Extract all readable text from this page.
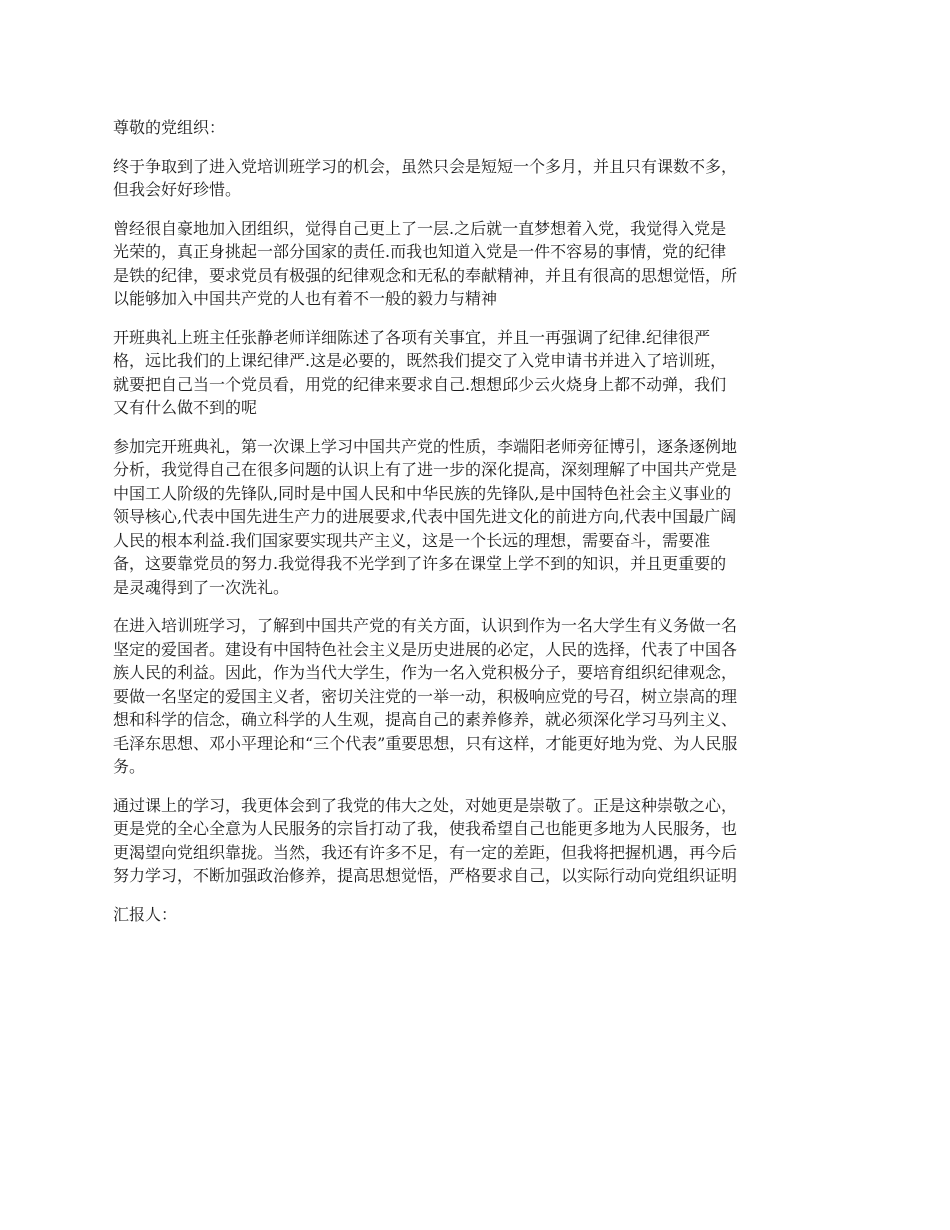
尊敬的党组织：

终于争取到了进入党培训班学习的机会，虽然只会是短短一个多月，并且只有课数不多，
但我会好好珍惜。

曾经很自豪地加入团组织，觉得自己更上了一层.之后就一直梦想着入党，我觉得入党是
光荣的，真正身挑起一部分国家的责任.而我也知道入党是一件不容易的事情，党的纪律
是铁的纪律，要求党员有极强的纪律观念和无私的奉献精神，并且有很高的思想觉悟，所
以能够加入中国共产党的人也有着不一般的毅力与精神

开班典礼上班主任张静老师详细陈述了各项有关事宜，并且一再强调了纪律.纪律很严
格，远比我们的上课纪律严.这是必要的，既然我们提交了入党申请书并进入了培训班，
就要把自己当一个党员看，用党的纪律来要求自己.想想邱少云火烧身上都不动弹，我们
又有什么做不到的呢

参加完开班典礼，第一次课上学习中国共产党的性质，李端阳老师旁征博引，逐条逐例地
分析，我觉得自己在很多问题的认识上有了进一步的深化提高，深刻理解了中国共产党是
中国工人阶级的先锋队,同时是中国人民和中华民族的先锋队,是中国特色社会主义事业的
领导核心,代表中国先进生产力的进展要求,代表中国先进文化的前进方向,代表中国最广阔
人民的根本利益.我们国家要实现共产主义，这是一个长远的理想，需要奋斗，需要准
备，这要靠党员的努力.我觉得我不光学到了许多在课堂上学不到的知识，并且更重要的
是灵魂得到了一次洗礼。

在进入培训班学习，了解到中国共产党的有关方面，认识到作为一名大学生有义务做一名
坚定的爱国者。建设有中国特色社会主义是历史进展的必定，人民的选择，代表了中国各
族人民的利益。因此，作为当代大学生，作为一名入党积极分子，要培育组织纪律观念，
要做一名坚定的爱国主义者，密切关注党的一举一动，积极响应党的号召，树立崇高的理
想和科学的信念，确立科学的人生观，提高自己的素养修养，就必须深化学习马列主义、
毛泽东思想、邓小平理论和“三个代表”重要思想，只有这样，才能更好地为党、为人民服
务。

通过课上的学习，我更体会到了我党的伟大之处，对她更是崇敬了。正是这种崇敬之心，
更是党的全心全意为人民服务的宗旨打动了我，使我希望自己也能更多地为人民服务，也
更渴望向党组织靠拢。当然，我还有许多不足，有一定的差距，但我将把握机遇，再今后
努力学习，不断加强政治修养，提高思想觉悟，严格要求自己，以实际行动向党组织证明

汇报人：
